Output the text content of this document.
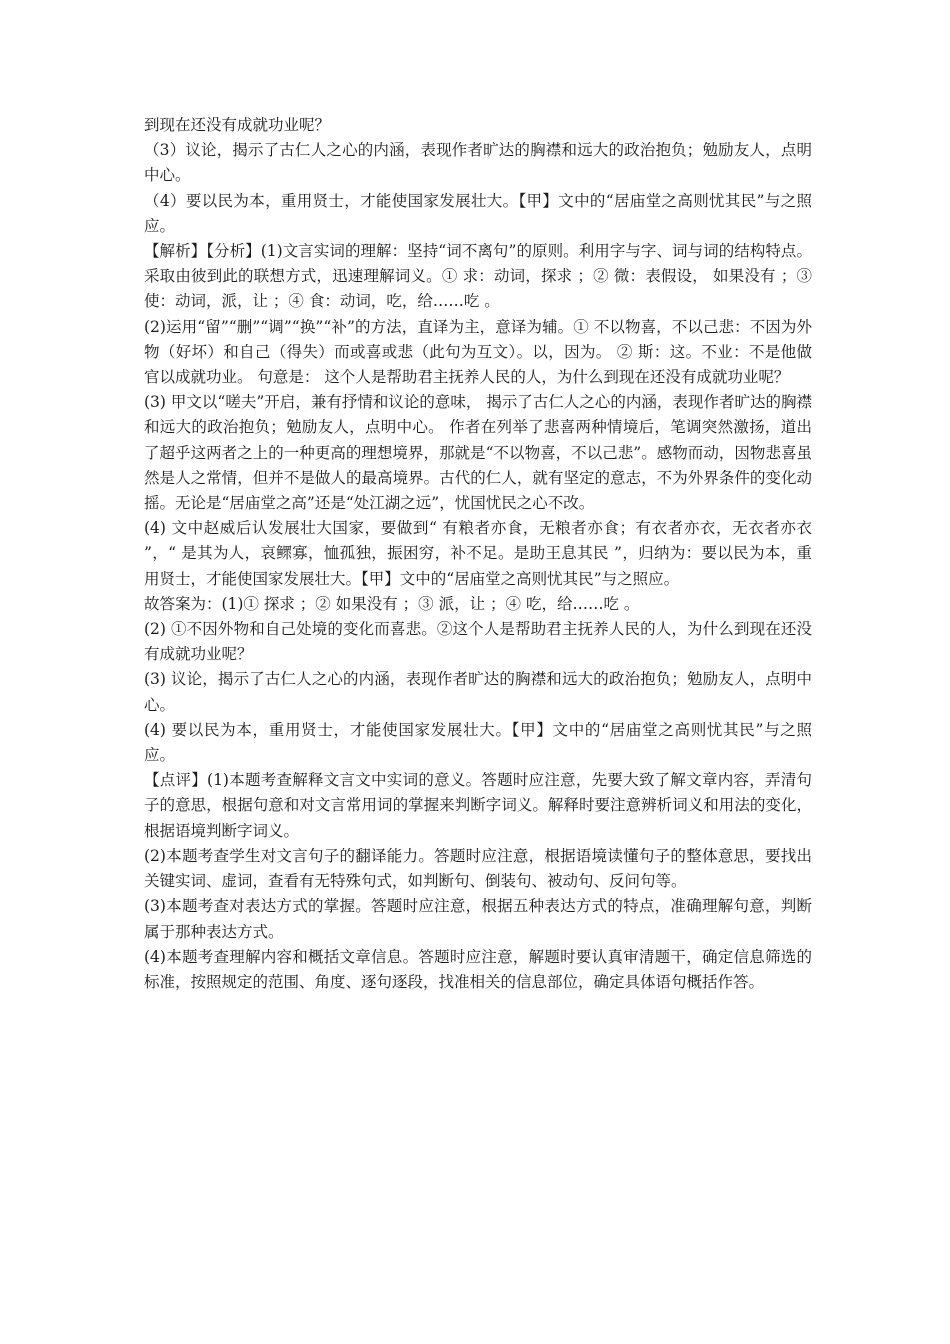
到现在还没有成就功业呢？

（3）议论，揭示了古仁人之心的内涵，表现作者旷达的胸襟和远大的政治抱负；勉励友人，点明中心。

（4）要以民为本，重用贤士，才能使国家发展壮大。【甲】文中的“居庙堂之高则忧其民”与之照应。

【解析】【分析】(1)文言实词的理解：坚持“词不离句”的原则。利用字与字、词与词的结构特点。采取由彼到此的联想方式，迅速理解词义。① 求：动词，探求 ；② 微：表假设， 如果没有 ；③ 使：动词，派，让 ；④ 食：动词，吃，给……吃 。

(2)运用“留”“删”“调”“换”“补”的方法，直译为主，意译为辅。① 不以物喜，不以己悲：不因为外物（好坏）和自己（得失）而或喜或悲（此句为互文）。以，因为。 ② 斯：这。不业：不是他做官以成就功业。 句意是： 这个人是帮助君主抚养人民的人，为什么到现在还没有成就功业呢？

(3) 甲文以“嗟夫”开启，兼有抒情和议论的意味， 揭示了古仁人之心的内涵，表现作者旷达的胸襟和远大的政治抱负；勉励友人，点明中心。 作者在列举了悲喜两种情境后，笔调突然激扬，道出了超乎这两者之上的一种更高的理想境界，那就是“不以物喜，不以己悲”。感物而动，因物悲喜虽然是人之常情，但并不是做人的最高境界。古代的仁人，就有坚定的意志，不为外界条件的变化动摇。无论是“居庙堂之高”还是“处江湖之远”，忧国忧民之心不改。

(4) 文中赵威后认发展壮大国家，要做到“ 有粮者亦食，无粮者亦食；有衣者亦衣，无衣者亦衣 ”，“ 是其为人，哀鳏寡，恤孤独，振困穷，补不足。是助王息其民 ”，归纳为：要以民为本，重用贤士，才能使国家发展壮大。【甲】文中的“居庙堂之高则忧其民”与之照应。

故答案为：(1)① 探求 ；② 如果没有 ；③ 派，让 ；④ 吃，给……吃 。

(2) ①不因外物和自己处境的变化而喜悲。②这个人是帮助君主抚养人民的人，为什么到现在还没有成就功业呢？

(3) 议论，揭示了古仁人之心的内涵，表现作者旷达的胸襟和远大的政治抱负；勉励友人，点明中心。

(4) 要以民为本，重用贤士，才能使国家发展壮大。【甲】文中的“居庙堂之高则忧其民”与之照应。

【点评】(1)本题考查解释文言文中实词的意义。答题时应注意，先要大致了解文章内容，弄清句子的意思，根据句意和对文言常用词的掌握来判断字词义。解释时要注意辨析词义和用法的变化，根据语境判断字词义。

(2)本题考查学生对文言句子的翻译能力。答题时应注意，根据语境读懂句子的整体意思，要找出关键实词、虚词，查看有无特殊句式，如判断句、倒装句、被动句、反问句等。

(3)本题考查对表达方式的掌握。答题时应注意，根据五种表达方式的特点，准确理解句意，判断属于那种表达方式。

(4)本题考查理解内容和概括文章信息。答题时应注意，解题时要认真审清题干，确定信息筛选的标准，按照规定的范围、角度、逐句逐段，找准相关的信息部位，确定具体语句概括作答。
